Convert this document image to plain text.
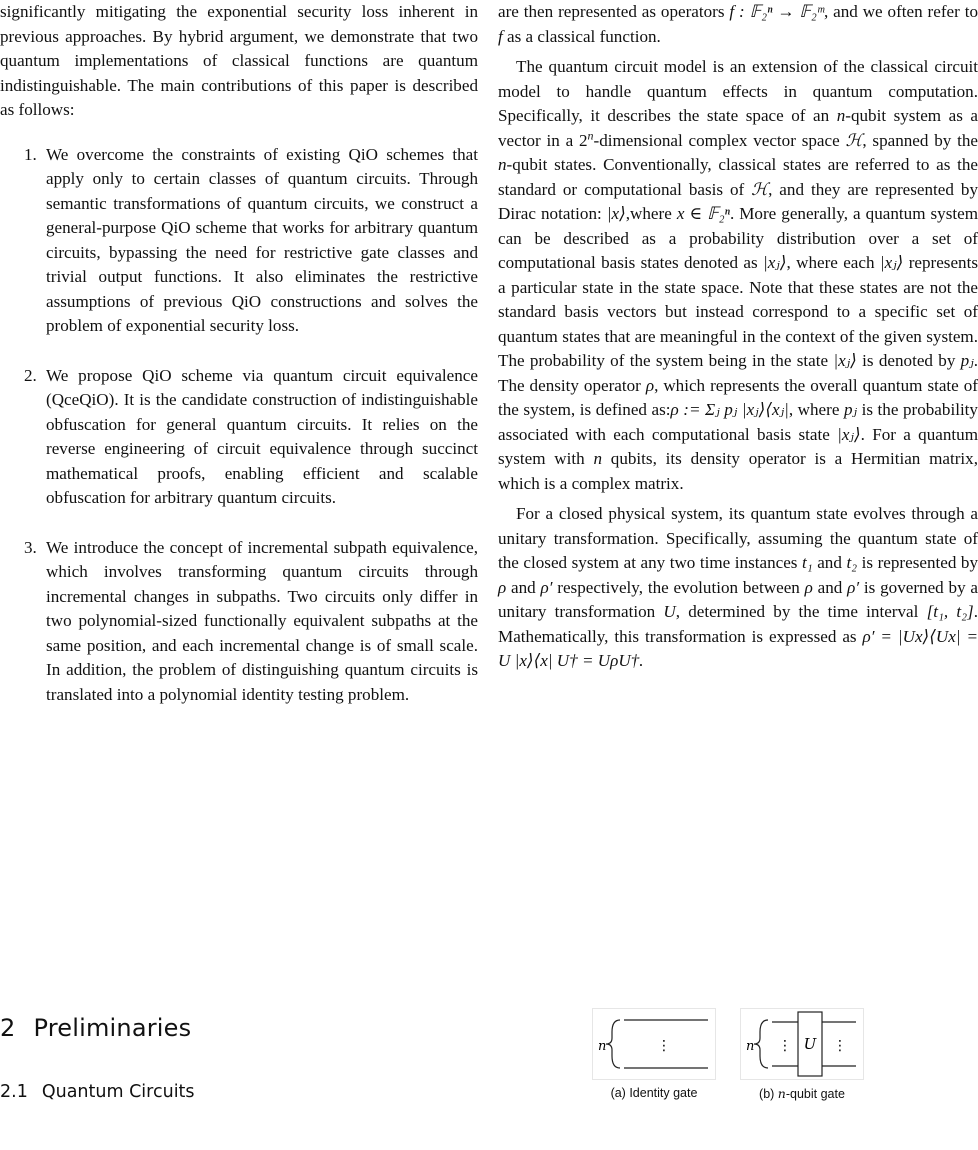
significantly mitigating the exponential security loss inherent in previous approaches. By hybrid argument, we demonstrate that two quantum implementations of classical functions are quantum indistinguishable. The main contributions of this paper is described as follows:

1. We overcome the constraints of existing QiO schemes that apply only to certain classes of quantum circuits. Through semantic transformations of quantum circuits, we construct a general-purpose QiO scheme that works for arbitrary quantum circuits, bypassing the need for restrictive gate classes and trivial output functions. It also eliminates the restrictive assumptions of previous QiO constructions and solves the problem of exponential security loss.
2. We propose QiO scheme via quantum circuit equivalence (QceQiO). It is the candidate construction of indistinguishable obfuscation for general quantum circuits. It relies on the reverse engineering of circuit equivalence through succinct mathematical proofs, enabling efficient and scalable obfuscation for arbitrary quantum circuits.
3. We introduce the concept of incremental subpath equivalence, which involves transforming quantum circuits through incremental changes in subpaths. Two circuits only differ in two polynomial-sized functionally equivalent subpaths at the same position, and each incremental change is of small scale. In addition, the problem of distinguishing quantum circuits is translated into a polynomial identity testing problem.
2 Preliminaries
2.1 Quantum Circuits

are then represented as operators f : 𝔽₂ⁿ → 𝔽₂ᵐ, and we often refer to f as a classical function.

The quantum circuit model is an extension of the classical circuit model to handle quantum effects in quantum computation. Specifically, it describes the state space of an n-qubit system as a vector in a 2$^n$-dimensional complex vector space ℋ, spanned by the n-qubit states. Conventionally, classical states are referred to as the standard or computational basis of ℋ, and they are represented by Dirac notation: |x⟩,where x ∈ 𝔽₂ⁿ. More generally, a quantum system can be described as a probability distribution over a set of computational basis states denoted as |xⱼ⟩, where each |xⱼ⟩ represents a particular state in the state space. Note that these states are not the standard basis vectors but instead correspond to a specific set of quantum states that are meaningful in the context of the given system. The probability of the system being in the state |xⱼ⟩ is denoted by pⱼ. The density operator ρ, which represents the overall quantum state of the system, is defined as:ρ := Σⱼ pⱼ |xⱼ⟩⟨xⱼ|, where pⱼ is the probability associated with each computational basis state |xⱼ⟩. For a quantum system with n qubits, its density operator is a Hermitian matrix, which is a complex matrix.

For a closed physical system, its quantum state evolves through a unitary transformation. Specifically, assuming the quantum state of the closed system at any two time instances t₁ and t₂ is represented by ρ and ρ′ respectively, the evolution between ρ and ρ′ is governed by a unitary transformation U, determined by the time interval [t₁, t₂]. Mathematically, this transformation is expressed as ρ′ = |Ux⟩⟨Ux| = U |x⟩⟨x| U† = UρU†.

n	⋮
(a) Identity gate
n ⋮ U ⋮
(b) n-qubit gate
